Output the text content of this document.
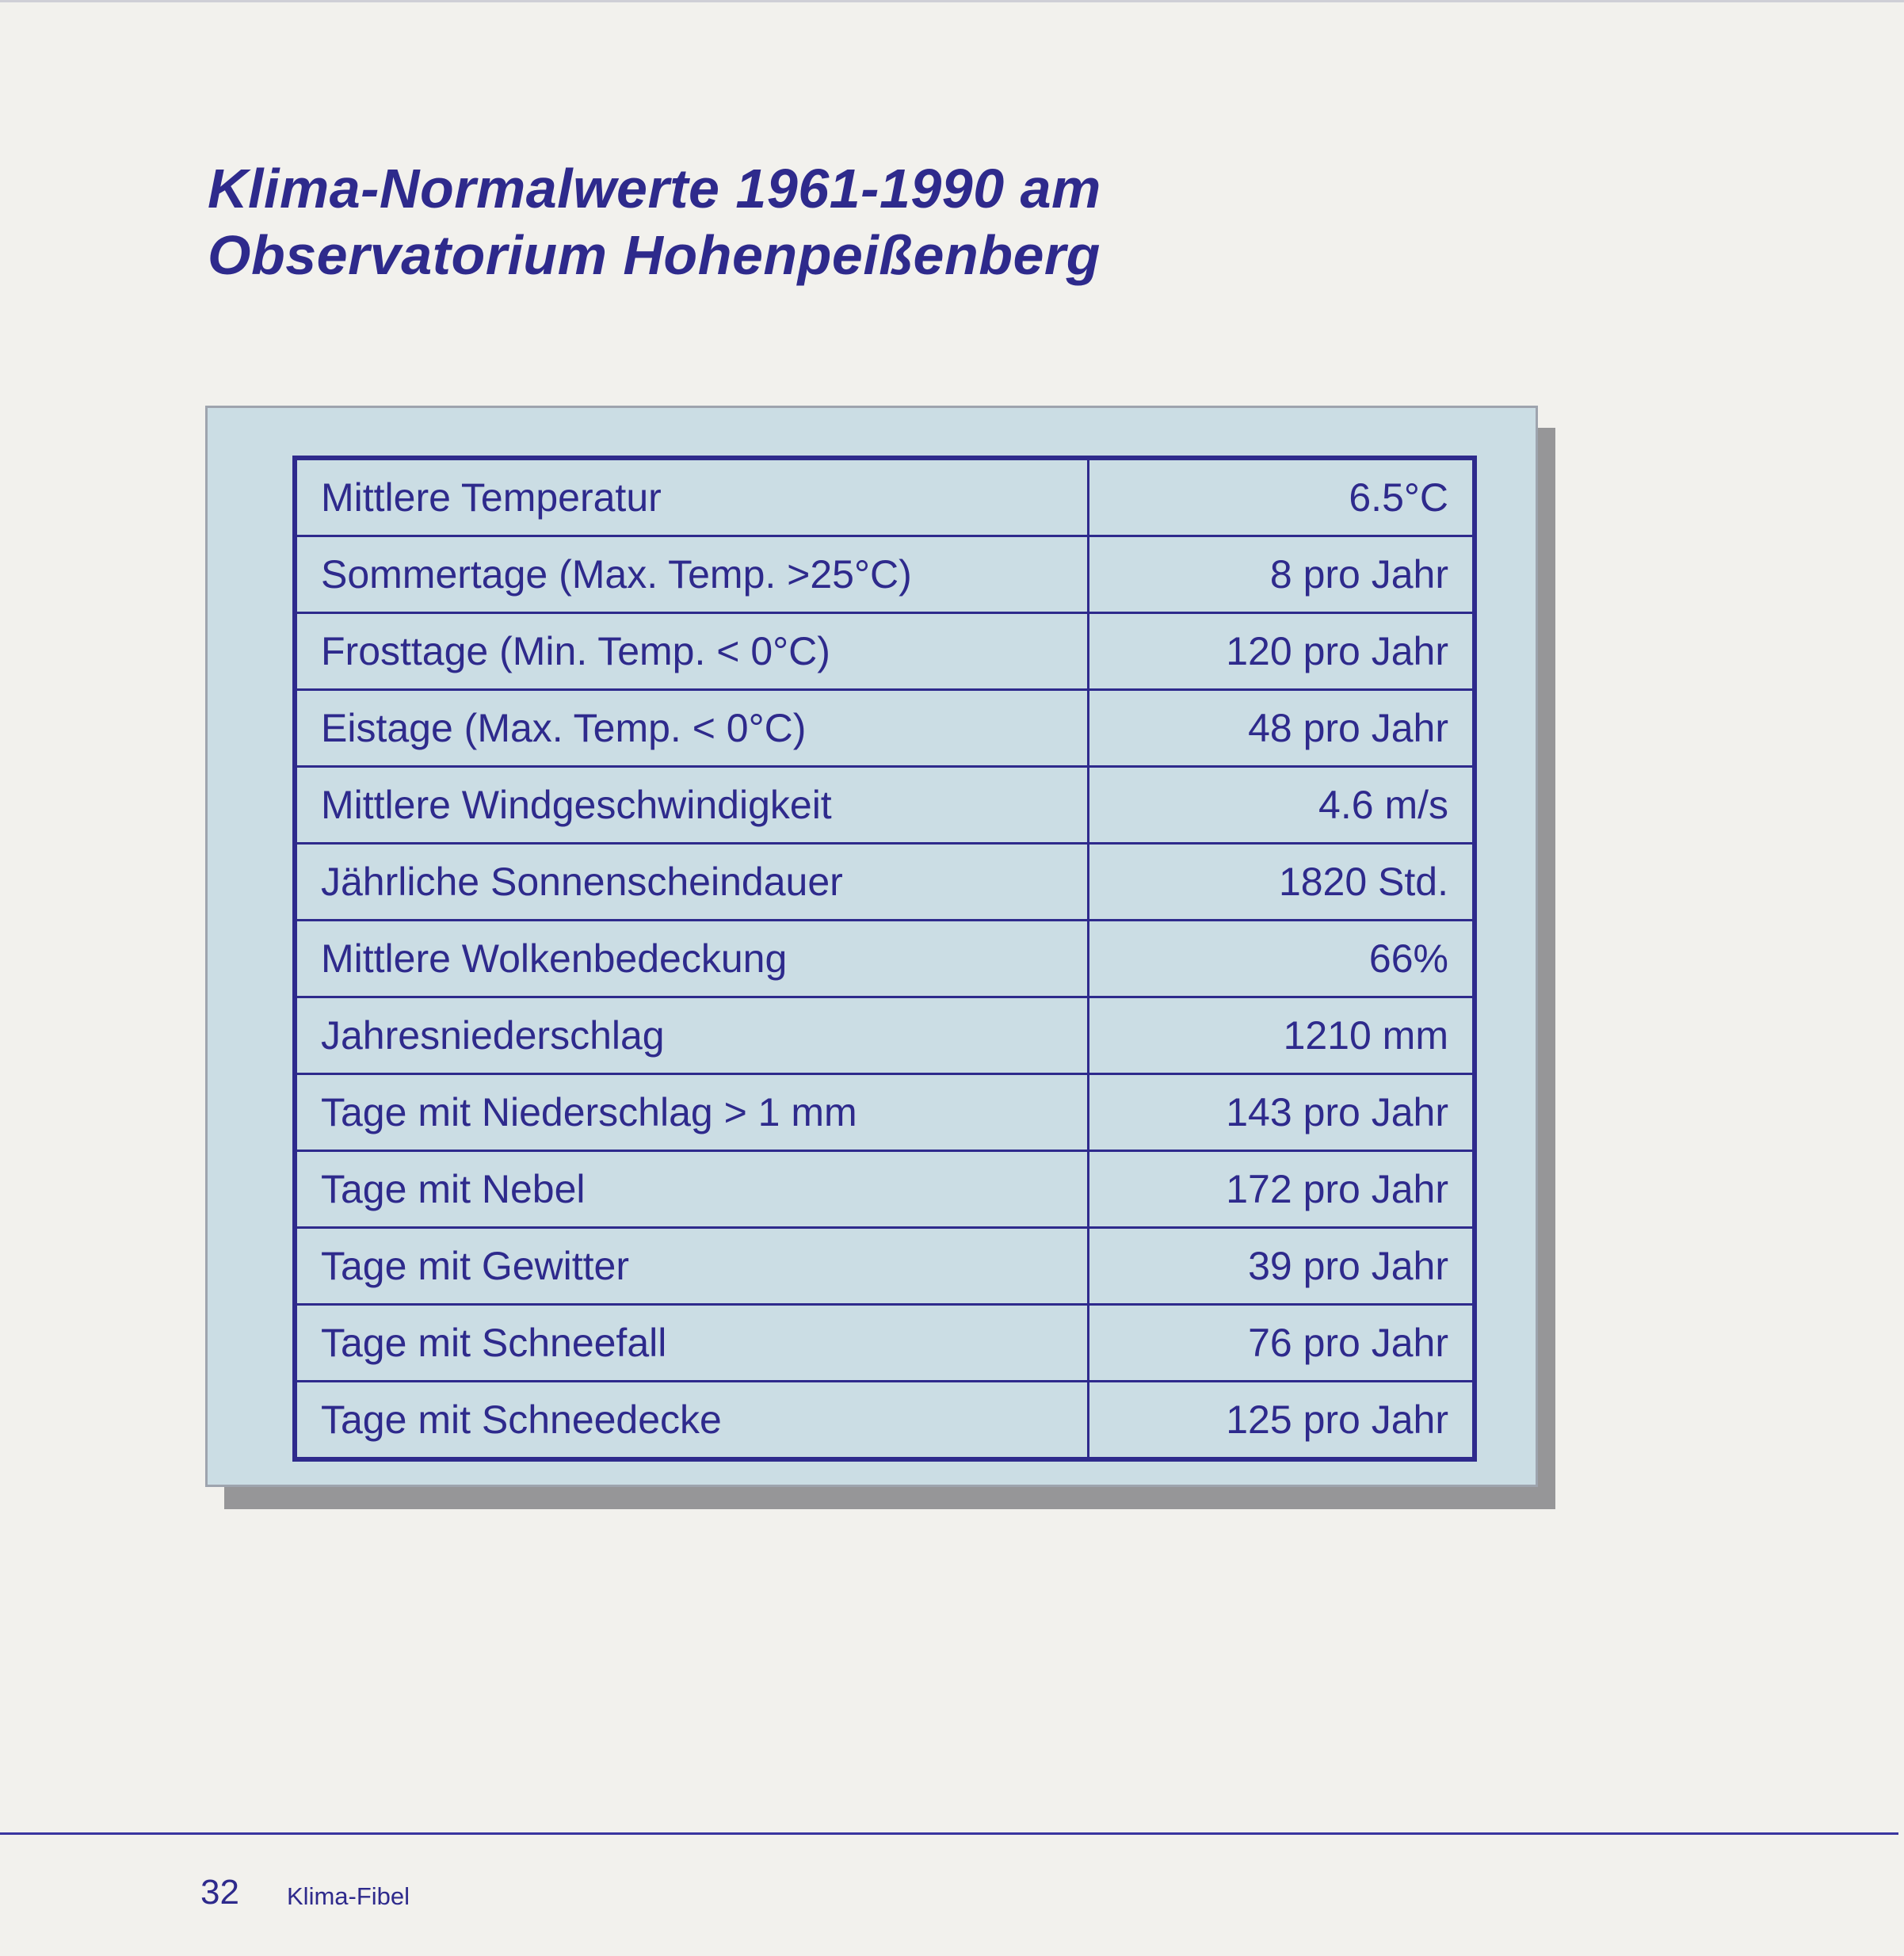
Klima-Normalwerte 1961-1990 am
Observatorium Hohenpeißenberg
Mittlere Temperatur	6.5°C
Sommertage (Max. Temp. >25°C)	8 pro Jahr
Frosttage (Min. Temp. < 0°C)	120 pro Jahr
Eistage (Max. Temp. < 0°C)	48 pro Jahr
Mittlere Windgeschwindigkeit	4.6 m/s
Jährliche Sonnenscheindauer	1820 Std.
Mittlere Wolkenbedeckung	66%
Jahresniederschlag	1210 mm
Tage mit Niederschlag > 1 mm	143 pro Jahr
Tage mit Nebel	172 pro Jahr
Tage mit Gewitter	39 pro Jahr
Tage mit Schneefall	76 pro Jahr
Tage mit Schneedecke	125 pro Jahr
32 Klima-Fibel
